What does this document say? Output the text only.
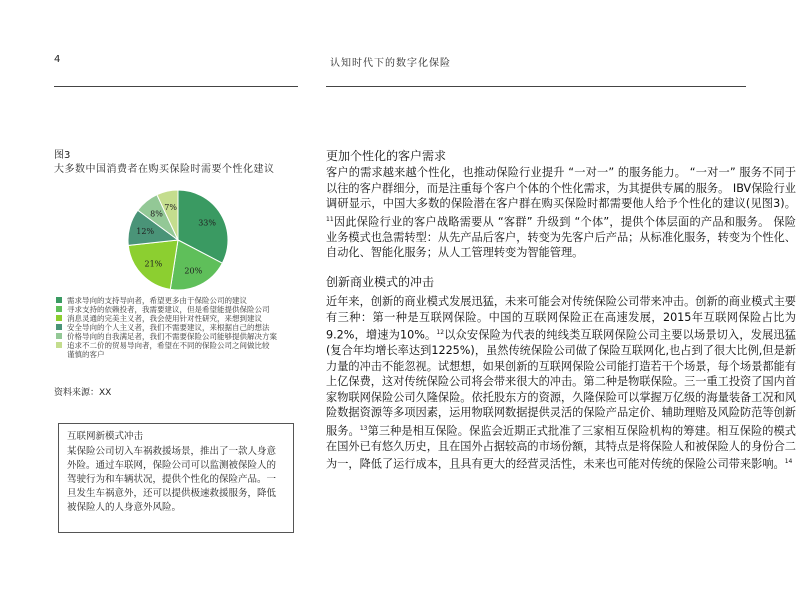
4	认知时代下的数字化保险
图3
大多数中国消费者在购买保险时需要个性化建议
33%
20%
21%
12%
8%
7%
需求导向的支持导向者，希望更多由于保险公司的建议
寻求支持的依赖投者，我需要建议，但是希望能提供保险公司
消息灵通的完美主义者，我会使用针对性研究，来想到建议
安全导向的个人主义者，我们不需要建议，来根据自己的想法
价格导向的自我满足者，我们不需要保险公司能够提供解决方案
追求不二价的贸易导向者，希望在不同的保险公司之间做比较
谨慎的客户
资料来源：XX
互联网新模式冲击
某保险公司切入车祸救援场景，推出了一款人身意外险。通过车联网，保险公司可以监测被保险人的驾驶行为和车辆状况，提供个性化的保险产品。一旦发生车祸意外，还可以提供极速救援服务，降低被保险人的人身意外风险。
更加个性化的客户需求
客户的需求越来越个性化，也推动保险行业提升 “一对一” 的服务能力。 “一对一” 服务不同于以往的客户群细分，而是注重每个客户个体的个性化需求，为其提供专属的服务。 IBV保险行业调研显示，中国大多数的保险潜在客户群在购买保险时都需要他人给予个性化的建议(见图3)。$^{11}$因此保险行业的客户战略需要从 “客群” 升级到 “个体”，提供个体层面的产品和服务。 保险业务模式也急需转型：从先产品后客户，转变为先客户后产品；从标准化服务，转变为个性化、自动化、智能化服务；从人工管理转变为智能管理。
创新商业模式的冲击
近年来，创新的商业模式发展迅猛，未来可能会对传统保险公司带来冲击。创新的商业模式主要有三种：第一种是互联网保险。中国的互联网保险正在高速发展，2015年互联网保险占比为9.2%，增速为10%。$^{12}$以众安保险为代表的纯线类互联网保险公司主要以场景切入，发展迅猛(复合年均增长率达到1225%)，虽然传统保险公司做了保险互联网化,也占到了很大比例,但是新力量的冲击不能忽视。试想想，如果创新的互联网保险公司能打造若干个场景，每个场景都能有上亿保费，这对传统保险公司将会带来很大的冲击。第二种是物联保险。三一重工投资了国内首家物联网保险公司久隆保险。依托股东方的资源，久隆保险可以掌握万亿级的海量装备工况和风险数据资源等多项因素，运用物联网数据提供灵活的保险产品定价、辅助理赔及风险防范等创新服务。$^{13}$第三种是相互保险。保监会近期正式批准了三家相互保险机构的筹建。相互保险的模式在国外已有悠久历史，且在国外占据较高的市场份额，其特点是将保险人和被保险人的身份合二为一，降低了运行成本，且具有更大的经营灵活性，未来也可能对传统的保险公司带来影响。$^{14}$
